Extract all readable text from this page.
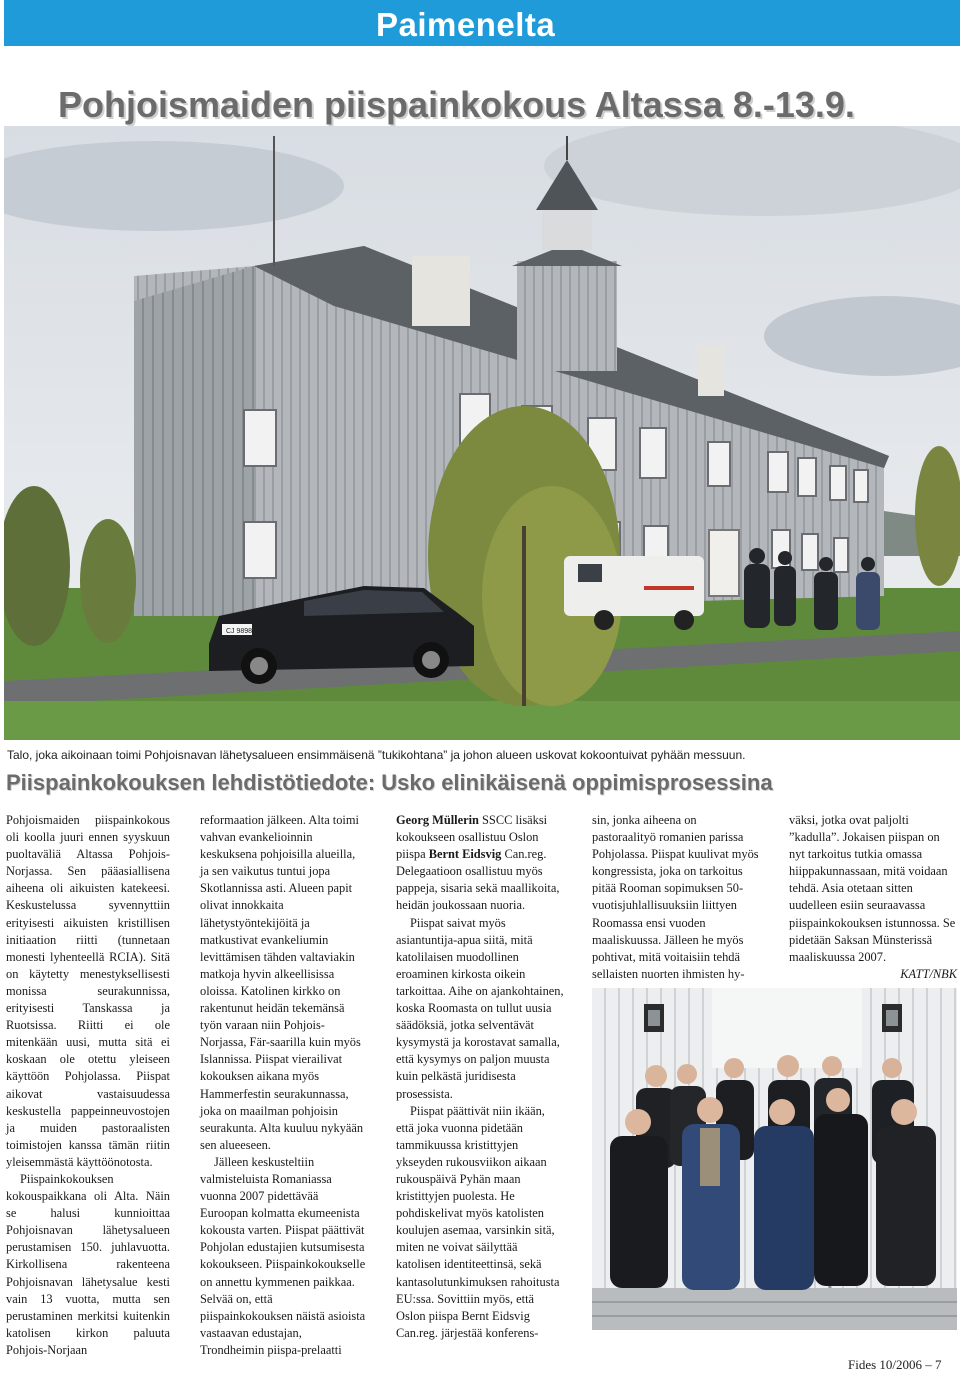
Paimenelta
Pohjoismaiden piispainkokous Altassa 8.-13.9.
CJ 98989
Talo, joka aikoinaan toimi Pohjoisnavan lähetysalueen ensimmäisenä ”tukikohtana” ja johon alueen uskovat kokoontuivat pyhään messuun.
Piispainkokouksen lehdistötiedote: Usko elinikäisenä oppimisprosessina

Pohjoismaiden piispainkokous oli koolla juuri ennen syyskuun puoltaväliä Altassa Pohjois-Norjassa. Sen pääasiallisena aiheena oli aikuisten katekeesi. Keskustelussa syvennyttiin erityisesti aikuisten kristillisen initiaation riitti (tunnetaan monesti lyhenteellä RCIA). Sitä on käytetty menestyksellisesti monissa seurakunnissa, erityisesti Tanskassa ja Ruotsissa. Riitti ei ole mitenkään uusi, mutta sitä ei koskaan ole otettu yleiseen käyttöön Pohjolassa. Piispat aikovat vastaisuudessa keskustella pappeinneuvostojen ja muiden pastoraalisten toimistojen kanssa tämän riitin yleisemmästä käyttöönotosta.

Piispainkokouksen kokouspaikkana oli Alta. Näin se halusi kunnioittaa Pohjoisnavan lähetysalueen perustamisen 150. juhlavuotta. Kirkollisena rakenteena Pohjoisnavan lähetysalue kesti vain 13 vuotta, mutta sen perustaminen merkitsi kuitenkin katolisen kirkon paluuta Pohjois-Norjaan

reformaation jälkeen. Alta toimi vahvan evankelioinnin keskuksena pohjoisilla alueilla, ja sen vaikutus tuntui jopa Skotlannissa asti. Alueen papit olivat innokkaita lähetystyöntekijöitä ja matkustivat evankeliumin levittämisen tähden valtaviakin matkoja hyvin alkeellisissa oloissa. Katolinen kirkko on rakentunut heidän tekemänsä työn varaan niin Pohjois-Norjassa, Fär-saarilla kuin myös Islannissa. Piispat vierailivat kokouksen aikana myös Hammerfestin seurakunnassa, joka on maailman pohjoisin seurakunta. Alta kuuluu nykyään sen alueeseen.

Jälleen keskusteltiin valmisteluista Romaniassa vuonna 2007 pidettävää Euroopan kolmatta ekumeenista kokousta varten. Piispat päättivät Pohjolan edustajien kutsumisesta kokoukseen. Piispainkokoukselle on annettu kymmenen paikkaa. Selvää on, että piispainkokouksen näistä asioista vastaavan edustajan, Trondheimin piispa-prelaatti

Georg Müllerin SSCC lisäksi kokoukseen osallistuu Oslon piispa Bernt Eidsvig Can.reg. Delegaatioon osallistuu myös pappeja, sisaria sekä maallikoita, heidän joukossaan nuoria.

Piispat saivat myös asiantuntija-apua siitä, mitä katolilaisen muodollinen eroaminen kirkosta oikein tarkoittaa. Aihe on ajankohtainen, koska Roomasta on tullut uusia säädöksiä, jotka selventävät kysymystä ja korostavat samalla, että kysymys on paljon muusta kuin pelkästä juridisesta prosessista.

Piispat päättivät niin ikään, että joka vuonna pidetään tammikuussa kristittyjen ykseyden rukousviikon aikaan rukouspäivä Pyhän maan kristittyjen puolesta. He pohdiskelivat myös katolisten koulujen asemaa, varsinkin sitä, miten ne voivat säilyttää katolisen identiteettinsä, sekä kantasolutunkimuksen rahoitusta EU:ssa. Sovittiin myös, että Oslon piispa Bernt Eidsvig Can.reg. järjestää konferens-

sin, jonka aiheena on pastoraalityö romanien parissa Pohjolassa. Piispat kuulivat myös kongressista, joka on tarkoitus pitää Rooman sopimuksen 50-vuotisjuhlallisuuksiin liittyen Roomassa ensi vuoden maaliskuussa. Jälleen he myös pohtivat, mitä voitaisiin tehdä sellaisten nuorten ihmisten hy-

väksi, jotka ovat paljolti ”kadulla”. Jokaisen piispan on nyt tarkoitus tutkia omassa hiippakunnassaan, mitä voidaan tehdä. Asia otetaan sitten uudelleen esiin seuraavassa piispainkokouksen istunnossa. Se pidetään Saksan Münsterissä maaliskuussa 2007.

KATT/NBK

Fides 10/2006 – 7
